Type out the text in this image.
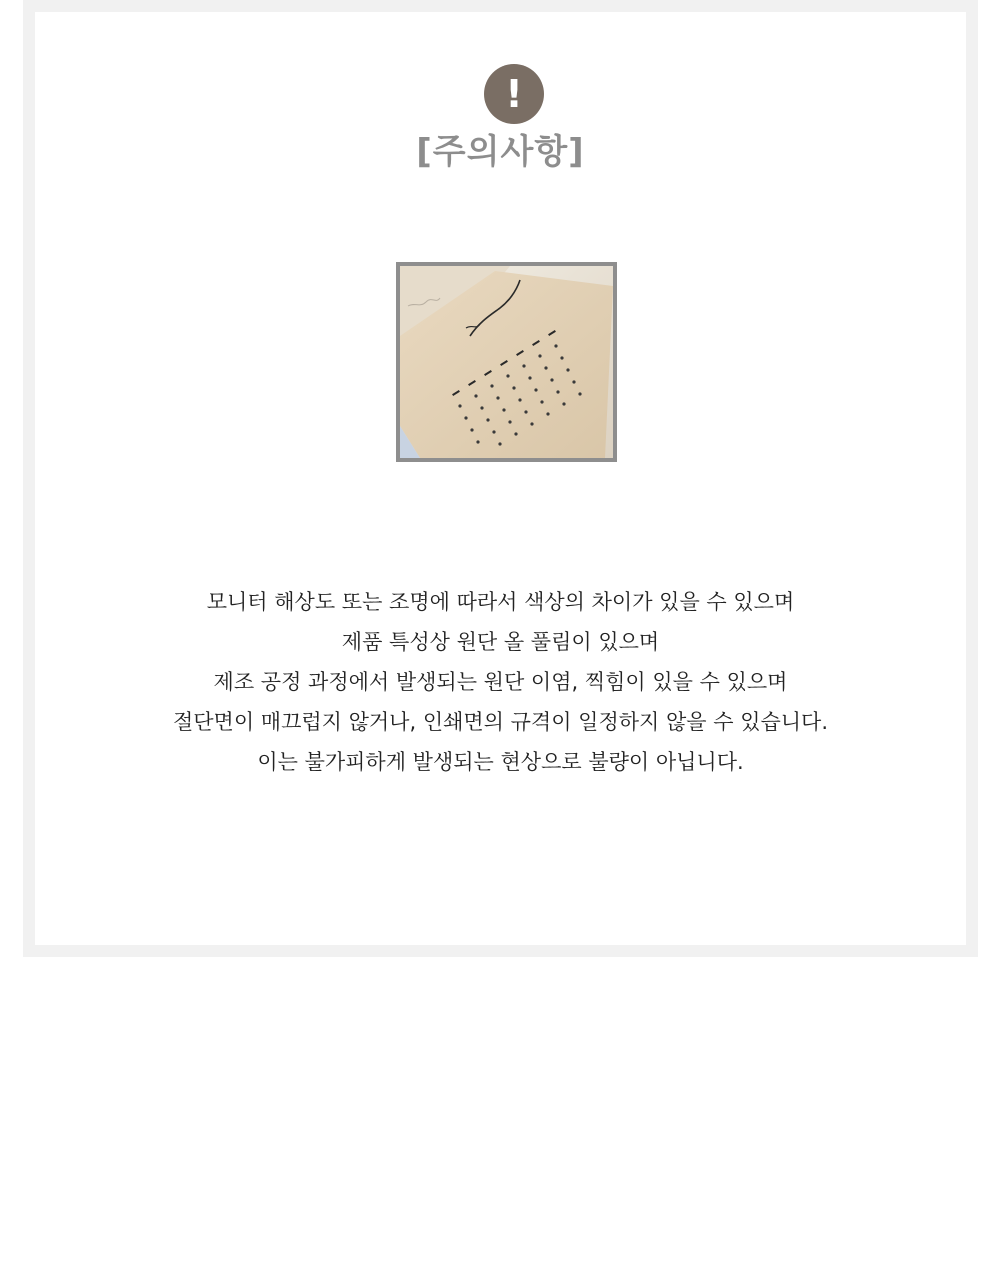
!
[주의사항]
모니터 해상도 또는 조명에 따라서 색상의 차이가 있을 수 있으며
제품 특성상 원단 올 풀림이 있으며
제조 공정 과정에서 발생되는 원단 이염, 찍힘이 있을 수 있으며
절단면이 매끄럽지 않거나, 인쇄면의 규격이 일정하지 않을 수 있습니다.
이는 불가피하게 발생되는 현상으로 불량이 아닙니다.
